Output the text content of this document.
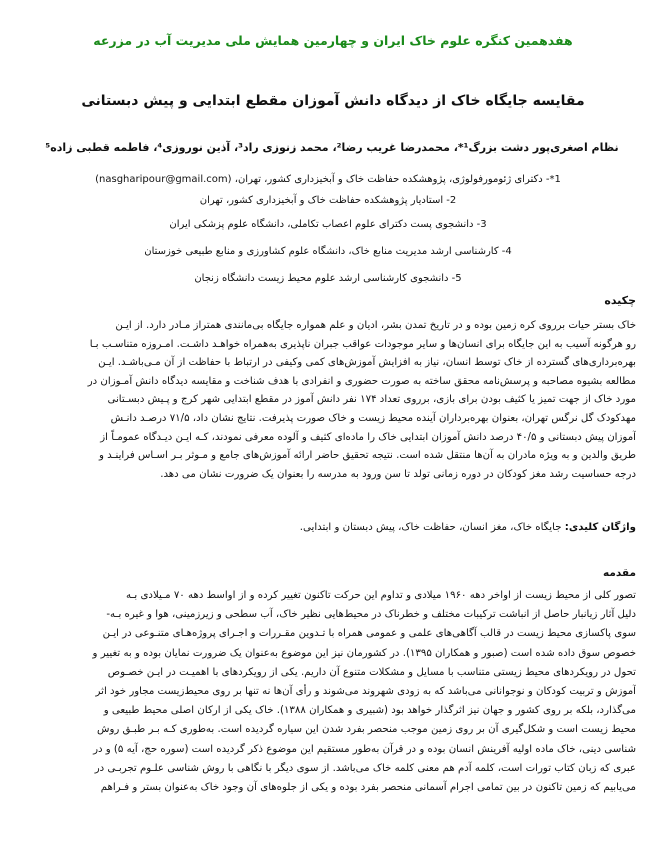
هفدهمین کنگره علوم خاک ایران و چهارمین همایش ملی مدیریت آب در مزرعه
مقایسه جایگاه خاک از دیدگاه دانش آموزان مقطع ابتدایی و پیش دبستانی
نظام اصغری‌پور دشت بزرگ¹*، محمدرضا غریب رضا²، محمد زنوزی راد³، آذین نوروزی⁴، فاطمه قطبی زاده⁵
1*- دکترای ژئومورفولوژی، پژوهشکده حفاظت خاک و آبخیزداری کشور، تهران، (nasgharipour@gmail.com)
2- استادیار پژوهشکده حفاظت خاک و آبخیزداری کشور، تهران
3- دانشجوی پست دکترای علوم اعصاب تکاملی، دانشگاه علوم پزشکی ایران
4- کارشناسی ارشد مدیریت منابع خاک، دانشگاه علوم کشاورزی و منابع طبیعی خوزستان
5- دانشجوی کارشناسی ارشد علوم محیط زیست دانشگاه زنجان
چکیده
خاک بستر حیات برروی کره زمین بوده و در تاریخ تمدن بشر، ادیان و علم همواره جایگاه بی‌مانندی همتراز مـادر دارد. از ایـن
رو هرگونه آسیب به این جایگاه برای انسان‌ها و سایر موجودات عواقب جبران ناپذیری به‌همراه خواهـد داشـت. امـروزه متناسـب بـا
بهره‌برداری‌های گسترده از خاک توسط انسان، نیاز به افزایش آموزش‌های کمی وکیفی در ارتباط با حفاظت از آن مـی‌باشـد. ایـن
مطالعه بشیوه مصاحبه و پرسش‌نامه محقق ساخته به صورت حضوری و انفرادی با هدف شناخت و مقایسه دیدگاه دانش آمـوزان در
مورد خاک از جهت تمیز یا کثیف بودن برای بازی، برروی تعداد ۱۷۴ نفر دانش آموز در مقطع ابتدایی شهر کرج و پـیش دبسـتانی
مهدکودک گل نرگس تهران، بعنوان بهره‌برداران آینده محیط زیست و خاک صورت پذیرفت. نتایج نشان داد، ۷۱/۵ درصـد دانـش
آموزان پیش دبستانی و ۴۰/۵ درصد دانش آموزان ابتدایی خاک را ماده‌ای کثیف و آلوده معرفی نمودند، کـه ایـن دیـدگاه عمومـاً از
طریق والدین و به ویژه مادران به آن‌ها منتقل شده است. نتیجه تحقیق حاضر ارائه آموزش‌های جامع و مـوثر بـر اسـاس فراینـد و
درجه حساسیت رشد مغز کودکان در دوره زمانی تولد تا سن ورود به مدرسه را بعنوان یک ضرورت نشان می دهد.
واژگان کلیدی: جایگاه خاک، مغز انسان، حفاظت خاک، پیش دبستان و ابتدایی.
مقدمه
تصور کلی از محیط زیست از اواخر دهه ۱۹۶۰ میلادی و تداوم این حرکت تاکنون تغییر کرده و از اواسط دهه ۷۰ مـیلادی بـه
دلیل آثار زیانبار حاصل از انباشت ترکیبات مختلف و خطرناک در محیط‌هایی نظیر خاک، آب سطحی و زیرزمینی، هوا و غیره بـه-
سوی پاکسازی محیط زیست در قالب آگاهی‌های علمی و عمومی همراه با تـدوین مقـررات و اجـرای پروژه‌هـای متنـوعی در ایـن
خصوص سوق داده شده است (صبور و همکاران ۱۳۹۵). در کشورمان نیز این موضوع به‌عنوان یک ضرورت نمایان بوده و به تغییر و
تحول در رویکردهای محیط زیستی متناسب با مسایل و مشکلات متنوع آن داریم. یکی از رویکردهای با اهمیـت در ایـن خصـوص
آموزش و تربیت کودکان و نوجوانانی می‌باشد که به زودی شهروند می‌شوند و رأی آن‌ها نه تنها بر روی محیط‌زیست مجاور خود اثر
می‌گذارد، بلکه بر روی کشور و جهان نیز اثرگذار خواهد بود (شبیری و همکاران ۱۳۸۸). خاک یکی از ارکان اصلی محیط طبیعی و
محیط زیست است و شکل‌گیری آن بر روی زمین موجب منحصر بفرد شدن این سیاره گردیده است. به‌طوری کـه بـر طبـق روش
شناسی دینی، خاک ماده اولیه آفرینش انسان بوده و در قرآن به‌طور مستقیم این موضوع ذکر گردیده است (سوره حج، آیه ۵) و در
عبری که زبان کتاب تورات است، کلمه آدم هم معنی کلمه خاک می‌باشد. از سوی دیگر با نگاهی با روش شناسی علـوم تجربـی در
می‌یابیم که زمین تاکنون در بین تمامی اجرام آسمانی منحصر بفرد بوده و یکی از جلوه‌های آن وجود خاک به‌عنوان بستر و فـراهم
